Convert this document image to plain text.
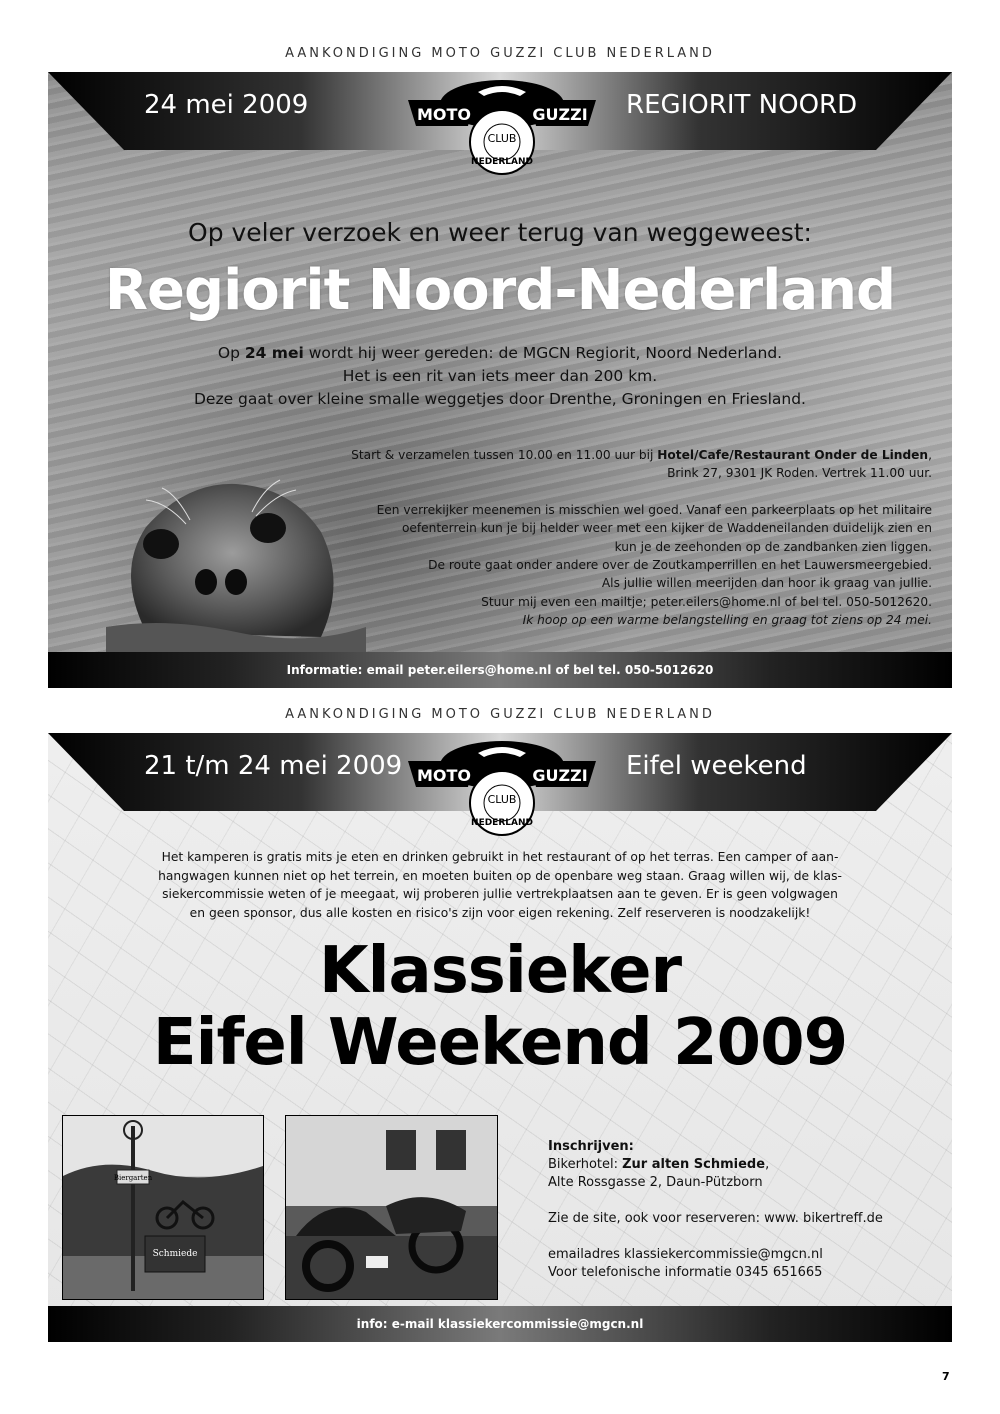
AANKONDIGING MOTO GUZZI CLUB NEDERLAND
24 mei 2009	REGIORIT NOORD
MOTO	GUZZI
CLUB
NEDERLAND
Op veler verzoek en weer terug van weggeweest:
Regiorit Noord-Nederland
Op 24 mei wordt hij weer gereden: de MGCN Regiorit, Noord Nederland.
Het is een rit van iets meer dan 200 km.
Deze gaat over kleine smalle weggetjes door Drenthe, Groningen en Friesland.

Start & verzamelen tussen 10.00 en 11.00 uur bij Hotel/Cafe/Restaurant Onder de Linden,

Brink 27, 9301 JK Roden. Vertrek 11.00 uur.

Een verrekijker meenemen is misschien wel goed. Vanaf een parkeerplaats op het militaire

oefenterrein kun je bij helder weer met een kijker de Waddeneilanden duidelijk zien en

kun je de zeehonden op de zandbanken zien liggen.

De route gaat onder andere over de Zoutkamperrillen en het Lauwersmeergebied.

Als jullie willen meerijden dan hoor ik graag van jullie.

Stuur mij even een mailtje; peter.eilers@home.nl of bel tel. 050-5012620.

Ik hoop op een warme belangstelling en graag tot ziens op 24 mei.

Informatie: email peter.eilers@home.nl of bel tel. 050-5012620
AANKONDIGING MOTO GUZZI CLUB NEDERLAND
21 t/m 24 mei 2009	Eifel weekend
MOTO	GUZZI
CLUB
NEDERLAND
Het kamperen is gratis mits je eten en drinken gebruikt in het restaurant of op het terras. Een camper of aan-
hangwagen kunnen niet op het terrein, en moeten buiten op de openbare weg staan. Graag willen wij, de klas-
siekercommissie weten of je meegaat, wij proberen jullie vertrekplaatsen aan te geven. Er is geen volgwagen
en geen sponsor, dus alle kosten en risico's zijn voor eigen rekening. Zelf reserveren is noodzakelijk!
Klassieker
Eifel Weekend 2009
Biergarten
Schmiede

Inschrijven:

Bikerhotel: Zur alten Schmiede,

Alte Rossgasse 2, Daun-Pützborn

Zie de site, ook voor reserveren: www. bikertreff.de

emailadres klassiekercommissie@mgcn.nl

Voor telefonische informatie 0345 651665

info: e-mail klassiekercommissie@mgcn.nl
7
